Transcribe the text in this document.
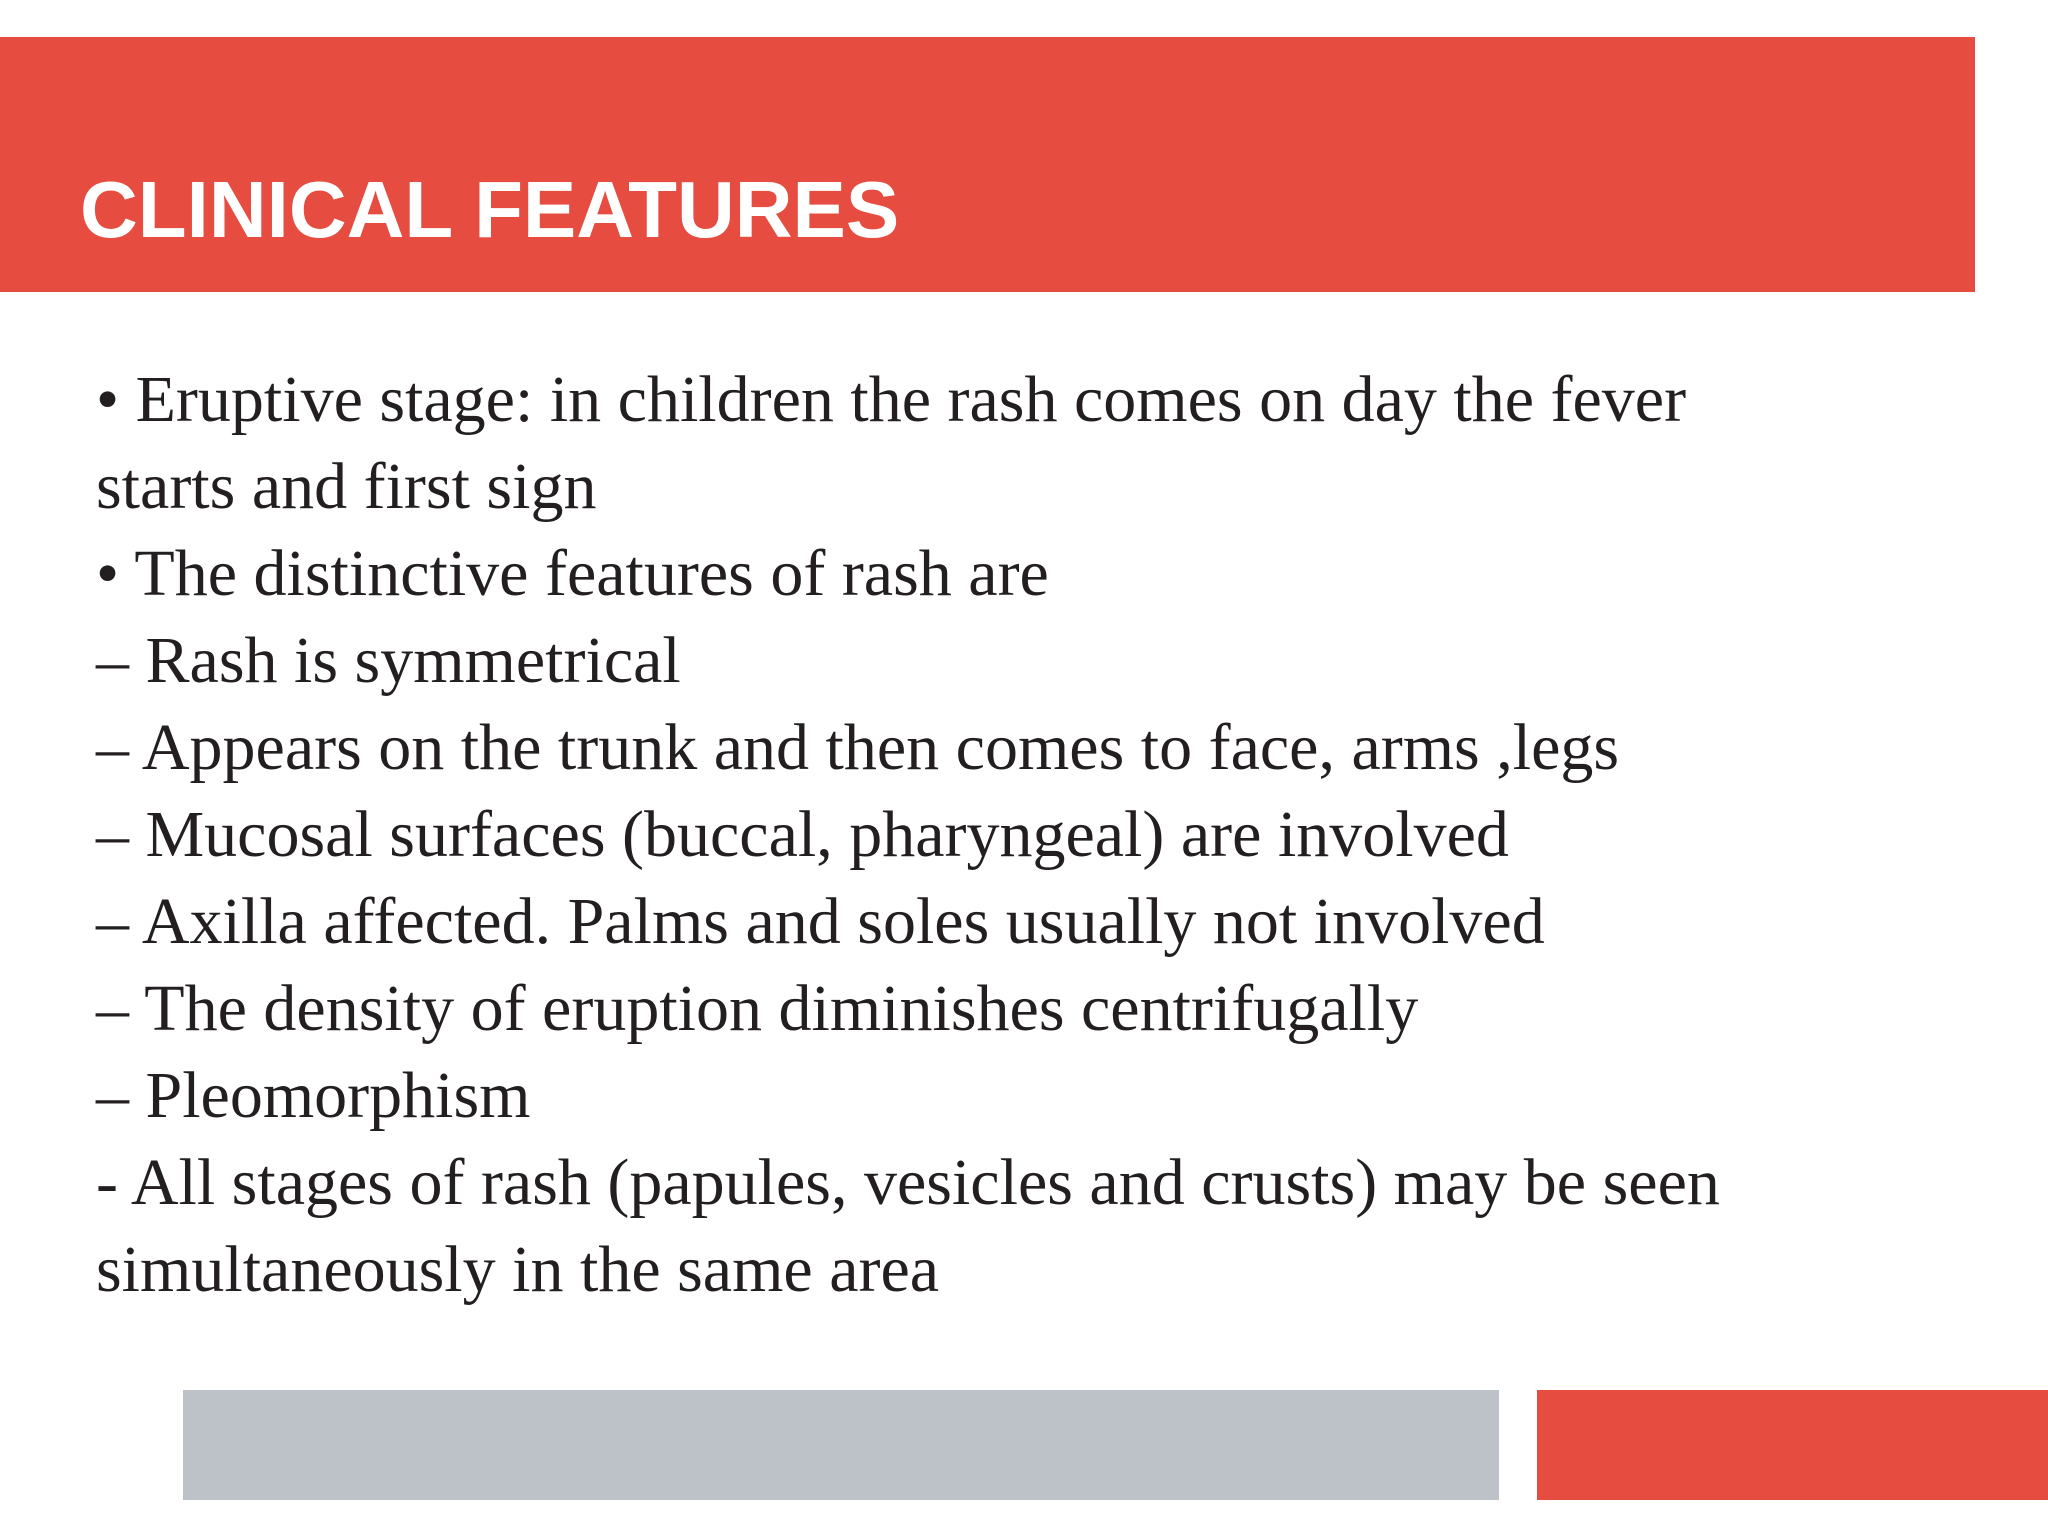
CLINICAL FEATURES
• Eruptive stage: in children the rash comes on day the fever
starts and first sign
• The distinctive features of rash are
– Rash is symmetrical
– Appears on the trunk and then comes to face, arms ,legs
– Mucosal surfaces (buccal, pharyngeal) are involved
– Axilla affected. Palms and soles usually not involved
– The density of eruption diminishes centrifugally
– Pleomorphism
- All stages of rash (papules, vesicles and crusts) may be seen
simultaneously in the same area
